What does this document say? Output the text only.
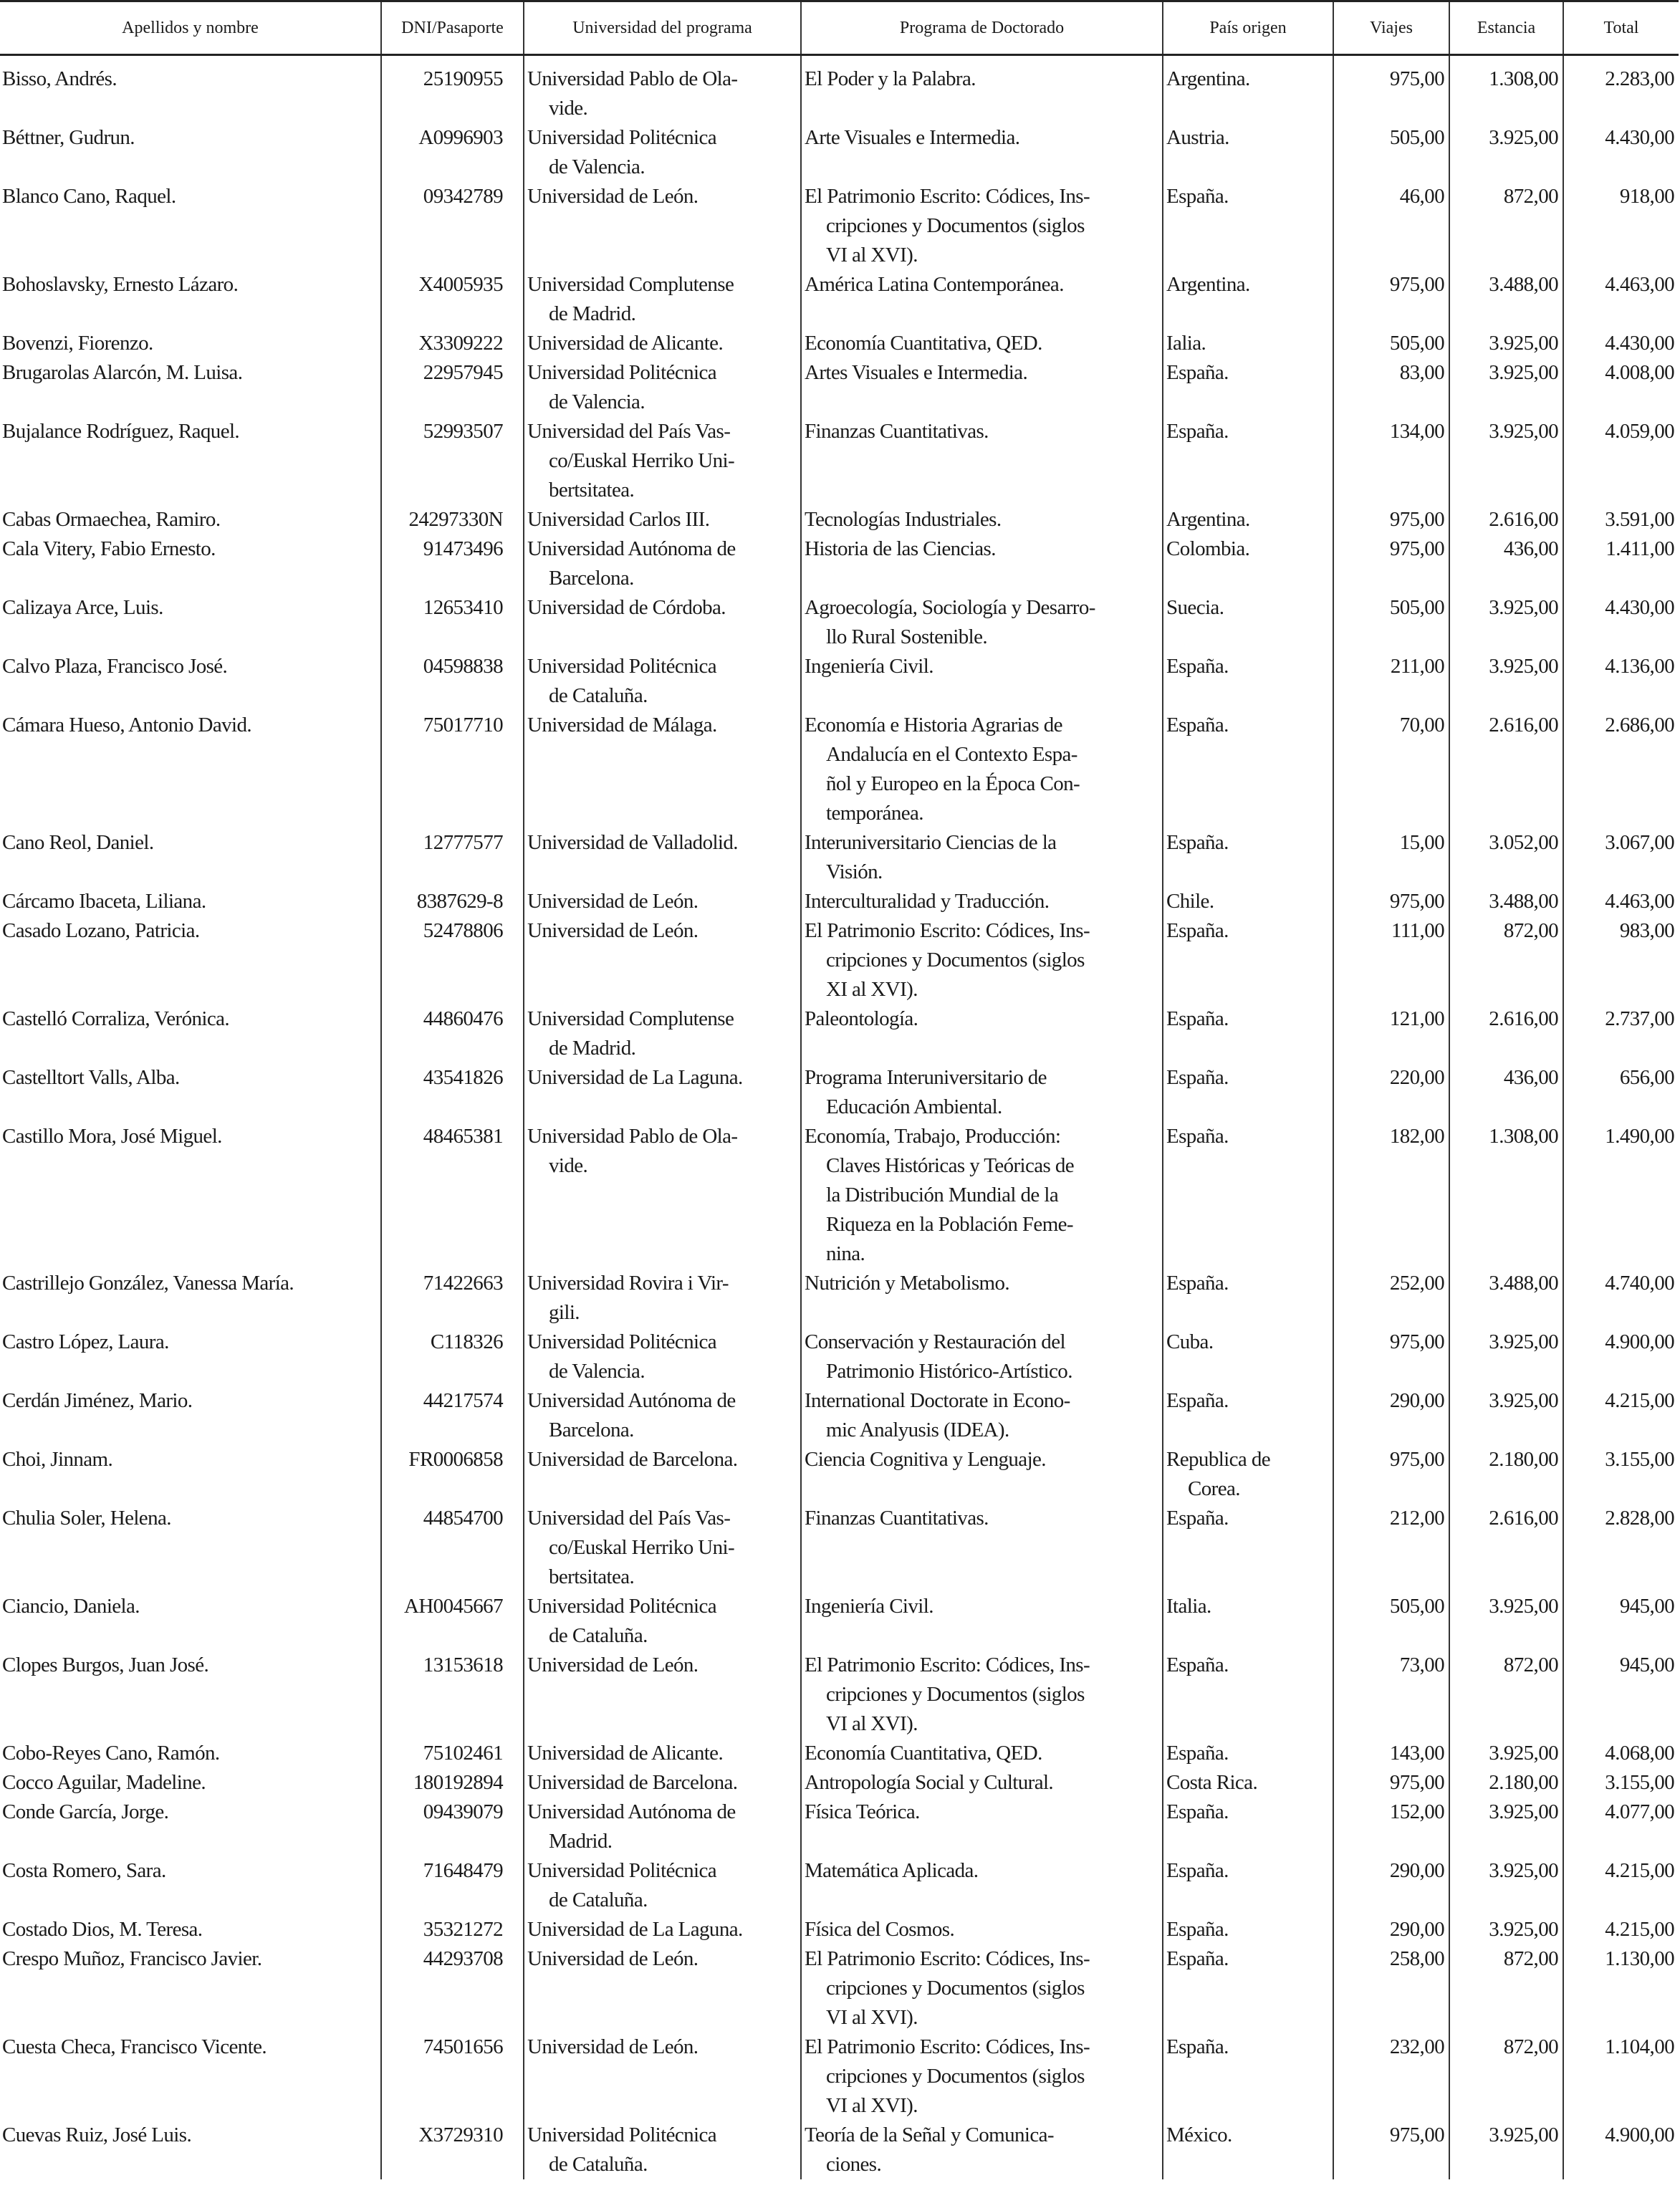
Apellidos y nombre	DNI/Pasaporte	Universidad del programa	Programa de Doctorado	País origen	Viajes	Estancia	Total
Bisso, Andrés.	25190955	Universidad Pablo de Ola-
vide.	El Poder y la Palabra.	Argentina.	975,00	1.308,00	2.283,00
Béttner, Gudrun.	A0996903	Universidad Politécnica
de Valencia.	Arte Visuales e Intermedia.	Austria.	505,00	3.925,00	4.430,00
Blanco Cano, Raquel.	09342789	Universidad de León.	El Patrimonio Escrito: Códices, Ins-
cripciones y Documentos (siglos
VI al XVI).	España.	46,00	872,00	918,00
Bohoslavsky, Ernesto Lázaro.	X4005935	Universidad Complutense
de Madrid.	América Latina Contemporánea.	Argentina.	975,00	3.488,00	4.463,00
Bovenzi, Fiorenzo.	X3309222	Universidad de Alicante.	Economía Cuantitativa, QED.	Ialia.	505,00	3.925,00	4.430,00
Brugarolas Alarcón, M. Luisa.	22957945	Universidad Politécnica
de Valencia.	Artes Visuales e Intermedia.	España.	83,00	3.925,00	4.008,00
Bujalance Rodríguez, Raquel.	52993507	Universidad del País Vas-
co/Euskal Herriko Uni-
bertsitatea.	Finanzas Cuantitativas.	España.	134,00	3.925,00	4.059,00
Cabas Ormaechea, Ramiro.	24297330N	Universidad Carlos III.	Tecnologías Industriales.	Argentina.	975,00	2.616,00	3.591,00
Cala Vitery, Fabio Ernesto.	91473496	Universidad Autónoma de
Barcelona.	Historia de las Ciencias.	Colombia.	975,00	436,00	1.411,00
Calizaya Arce, Luis.	12653410	Universidad de Córdoba.	Agroecología, Sociología y Desarro-
llo Rural Sostenible.	Suecia.	505,00	3.925,00	4.430,00
Calvo Plaza, Francisco José.	04598838	Universidad Politécnica
de Cataluña.	Ingeniería Civil.	España.	211,00	3.925,00	4.136,00
Cámara Hueso, Antonio David.	75017710	Universidad de Málaga.	Economía e Historia Agrarias de
Andalucía en el Contexto Espa-
ñol y Europeo en la Época Con-
temporánea.	España.	70,00	2.616,00	2.686,00
Cano Reol, Daniel.	12777577	Universidad de Valladolid.	Interuniversitario Ciencias de la
Visión.	España.	15,00	3.052,00	3.067,00
Cárcamo Ibaceta, Liliana.	8387629-8	Universidad de León.	Interculturalidad y Traducción.	Chile.	975,00	3.488,00	4.463,00
Casado Lozano, Patricia.	52478806	Universidad de León.	El Patrimonio Escrito: Códices, Ins-
cripciones y Documentos (siglos
XI al XVI).	España.	111,00	872,00	983,00
Castelló Corraliza, Verónica.	44860476	Universidad Complutense
de Madrid.	Paleontología.	España.	121,00	2.616,00	2.737,00
Castelltort Valls, Alba.	43541826	Universidad de La Laguna.	Programa Interuniversitario de
Educación Ambiental.	España.	220,00	436,00	656,00
Castillo Mora, José Miguel.	48465381	Universidad Pablo de Ola-
vide.	Economía, Trabajo, Producción:
Claves Históricas y Teóricas de
la Distribución Mundial de la
Riqueza en la Población Feme-
nina.	España.	182,00	1.308,00	1.490,00
Castrillejo González, Vanessa María.	71422663	Universidad Rovira i Vir-
gili.	Nutrición y Metabolismo.	España.	252,00	3.488,00	4.740,00
Castro López, Laura.	C118326	Universidad Politécnica
de Valencia.	Conservación y Restauración del
Patrimonio Histórico-Artístico.	Cuba.	975,00	3.925,00	4.900,00
Cerdán Jiménez, Mario.	44217574	Universidad Autónoma de
Barcelona.	International Doctorate in Econo-
mic Analyusis (IDEA).	España.	290,00	3.925,00	4.215,00
Choi, Jinnam.	FR0006858	Universidad de Barcelona.	Ciencia Cognitiva y Lenguaje.	Republica de
Corea.	975,00	2.180,00	3.155,00
Chulia Soler, Helena.	44854700	Universidad del País Vas-
co/Euskal Herriko Uni-
bertsitatea.	Finanzas Cuantitativas.	España.	212,00	2.616,00	2.828,00
Ciancio, Daniela.	AH0045667	Universidad Politécnica
de Cataluña.	Ingeniería Civil.	Italia.	505,00	3.925,00	945,00
Clopes Burgos, Juan José.	13153618	Universidad de León.	El Patrimonio Escrito: Códices, Ins-
cripciones y Documentos (siglos
VI al XVI).	España.	73,00	872,00	945,00
Cobo-Reyes Cano, Ramón.	75102461	Universidad de Alicante.	Economía Cuantitativa, QED.	España.	143,00	3.925,00	4.068,00
Cocco Aguilar, Madeline.	180192894	Universidad de Barcelona.	Antropología Social y Cultural.	Costa Rica.	975,00	2.180,00	3.155,00
Conde García, Jorge.	09439079	Universidad Autónoma de
Madrid.	Física Teórica.	España.	152,00	3.925,00	4.077,00
Costa Romero, Sara.	71648479	Universidad Politécnica
de Cataluña.	Matemática Aplicada.	España.	290,00	3.925,00	4.215,00
Costado Dios, M. Teresa.	35321272	Universidad de La Laguna.	Física del Cosmos.	España.	290,00	3.925,00	4.215,00
Crespo Muñoz, Francisco Javier.	44293708	Universidad de León.	El Patrimonio Escrito: Códices, Ins-
cripciones y Documentos (siglos
VI al XVI).	España.	258,00	872,00	1.130,00
Cuesta Checa, Francisco Vicente.	74501656	Universidad de León.	El Patrimonio Escrito: Códices, Ins-
cripciones y Documentos (siglos
VI al XVI).	España.	232,00	872,00	1.104,00
Cuevas Ruiz, José Luis.	X3729310	Universidad Politécnica
de Cataluña.	Teoría de la Señal y Comunica-
ciones.	México.	975,00	3.925,00	4.900,00
